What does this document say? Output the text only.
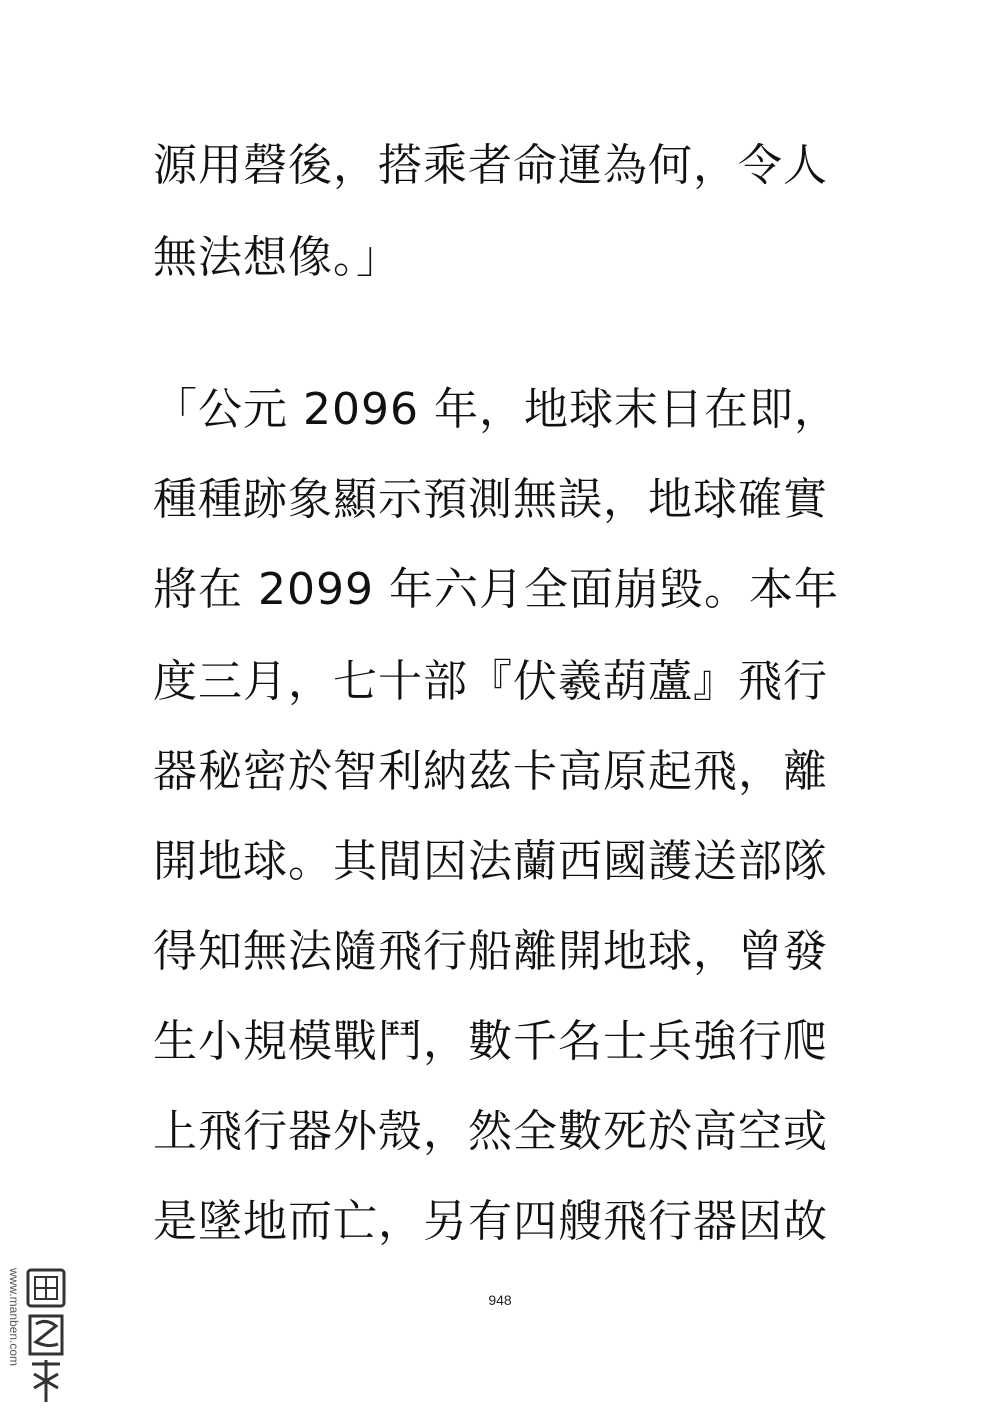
源用磬後，搭乘者命運為何，令人
無法想像。」
「公元 2096 年，地球末日在即，
種種跡象顯示預測無誤，地球確實
將在 2099 年六月全面崩毀。本年
度三月，七十部『伏羲葫蘆』飛行
器秘密於智利納茲卡高原起飛，離
開地球。其間因法蘭西國護送部隊
得知無法隨飛行船離開地球，曾發
生小規模戰鬥，數千名士兵強行爬
上飛行器外殼，然全數死於高空或
是墜地而亡，另有四艘飛行器因故
948
www.manben.com
